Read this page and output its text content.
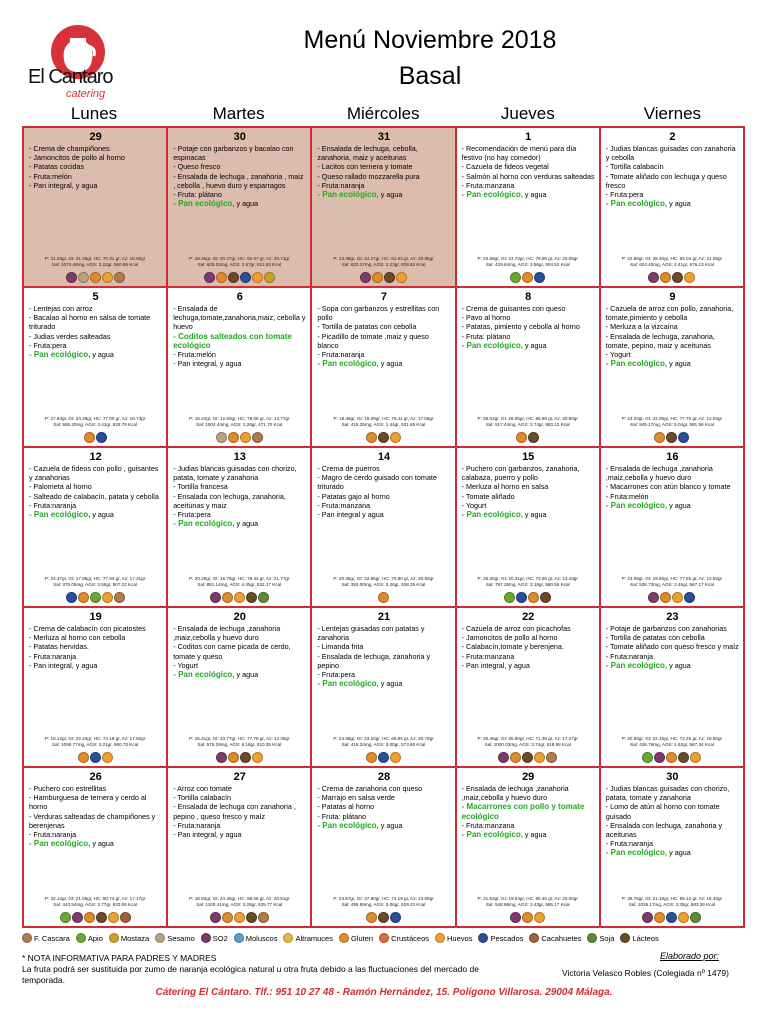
El Cantaro
catering
Menú Noviembre 2018
Basal
Lunes	Martes	Miércoles	Jueves	Viernes
29
- Crema de champiñones
- Jamoncitos de pollo al horno
- Patatas cocidas
- Fruta:melón
- Pan integral, y agua
P: 31.25gr, Gt: 21.46gr, HC: 70.31 gr, Az: 16.95gr
Sal: 1074.48mg, AGS: 3.22gr, 560.86 Kcal
30
- Potaje con garbanzos y bacalao con espinacas
- Queso fresco
- Ensalada de lechuga , zanahoria , maiz , cebolla , huevo duro y esparragos
- Fruta: plátano
- Pan ecológico, y agua
P: 26.45gr, Gt: 20.37gr, HC: 82.07 gr, Az: 30.71gr
Sal: 628.02mg, AGS: 2.67gr, 611.63 Kcal
31
- Ensalada de lechuga, cebolla, zanahoria, maiz y aceitunas
- Lacitos con ternera y tomate
- Queso rallado mozzarella pura
- Fruta:naranja
- Pan ecológico, y agua
P: 23.39gr, Gt: 24.27gr, HC: 81.63 gr, Az: 20.58gr
Sal: 833.27mg, AGS: 3.23gr, 628.62 Kcal
1
- Recomendación de menú para día festivo (no hay comedor)
- Cazuela de fideos vegetal
- Salmón al horno con verduras salteadas
- Fruta:manzana
- Pan ecológico, y agua
P: 23.68gr, Gt: 22.72gr, HC: 79.88 gr, Az: 20.05gr
Sal: 429.84mg, AGS: 3.56gr, 604.52 Kcal
2
- Judias blancas guisadas con zanahoria y cebolla
- Tortilla calabacín
- Tomate aliñado con lechuga y queso fresco
- Fruta:pera
- Pan ecológico, y agua
P: 22.66gr, Gt: 28.40gr, HC: 65.04 gr, Az: 21.08gr
Sal: 624.42mg, AGS: 4.41gr, 576.13 Kcal
5
- Lentejas con arroz
- Bacalao al horno en salsa de tomate triturado
- Judias verdes salteadas
- Fruta:pera
- Pan ecológico, y agua
P: 27.84gr, Gt: 24.29gr, HC: 77.00 gr, Az: 16.73gr
Sal: 565.20mg, AGS: 3.41gr, 628.79 Kcal
6
- Ensalada de lechuga,tomate,zanahoria,maiz, cebolla y huevo
- Coditos salteados con tomate ecológico
- Fruta:melón
- Pan integral, y agua
P: 15.24gr, Gt: 12.69gr, HC: 79.06 gr, Az: 13.77gr
Sal: 1004.44mg, AGS: 2.26gr, 471.70 Kcal
7
- Sopa con garbanzos y estrellitas con pollo
- Tortilla de patatas con cebolla
- Picadillo de tomate ,maiz y queso blanco
- Fruta:naranja
- Pan ecológico, y agua
P: 18.49gr, Gt: 18.09gr, HC: 75.11 gr, Az: 17.55gr
Sal: 415.25mg, AGS: 1.44gr, 531.85 Kcal
8
- Crema de guisantes con queso
- Pavo al horno
- Patatas, pimiento y cebolla al horno
- Fruta: plátano
- Pan ecológico, y agua
P: 28.02gr, Gt: 26.05gr, HC: 85.68 gr, Az: 30.90gr
Sal: 517.44mg, AGS: 3.74gr, 883.13 Kcal
9
- Cazuela de arroz con pollo, zanahoria, tomate,pimiento y cebolla
- Merluza a la vizcaína
- Ensalada de lechuga, zanahoria, tomate, pepino, maiz y aceitunas
- Yogurt
- Pan ecológico, y agua
P: 24.20gr, Gt: 22.05gr, HC: 77.70 gr, Az: 12.04gr
Sal: 849.17mg, AGS: 5.04gr, 591.58 Kcal
12
- Cazuela de fideos con pollo , guisantes y zanahorias
- Palometa al horno
- Salteado de calabacín, patata y cebolla
- Fruta:naranja
- Pan ecológico, y agua
P: 24.37gr, Gt: 17.85gr, HC: 77.93 gr, Az: 17.21gr
Sal: 375.05mg, AGS: 3.55gr, 807.22 Kcal
13
- Judias blancas guisadas con chorizo, patata, tomate y zanahoria
- Tortilla francesa
- Ensalada con lechuga, zanahoria, aceitunas y maiz
- Fruta:pera
- Pan ecológico, y agua
P: 20.28gr, Gt: 16.75gr, HC: 78.42 gr, Az: 21.77gr
Sal: 881.14mg, AGS: 4.45gr, 532.17 Kcal
14
- Crema de puerros
- Magro de cerdo guisado con tomate triturado
- Patatas gajo al horno
- Fruta:manzana
- Pan integral y agua
P: 20.35gr, Gt: 22.65gr, HC: 70.80 gr, Az: 20.93gr
Sal: 393.00mg, AGS: 3.26gr, 538.35 Kcal
15
- Puchero con garbanzos, zanahoria, calabaza, puerro y pollo
- Merluza al horno en salsa
- Tomate aliñado
- Yogurt
- Pan ecológico, y agua
P: 26.30gr, Gt: 20.31gr, HC: 73.65 gr, Az: 13.43gr
Sal: 797.26mg, AGS: 3.19gr, 580.56 Kcal
16
- Ensalada de lechuga ,zanahoria ,maiz,cebolla y huevo duro
- Macarrones con atún blanco y tomate
- Fruta:melón
- Pan ecológico, y agua
P: 23.06gr, Gt: 19.56gr, HC: 77.55 gr, Az: 13.82gr
Sal: 538.73mg, AGS: 3.46gr, 567.17 Kcal
19
- Crema de calabacín con picatostes
- Merluza al horno con cebolla
- Patatas hervidas.
- Fruta:naranja
- Pan integral, y agua
P: 18.12gr, Gt: 22.24gr, HC: 74.19 gr, Az: 17.82gr
Sal: 1095.77mg, AGS: 3.21gr, 560.70 Kcal
20
- Ensalada de lechuga ,zanahoria ,maiz,cebolla y huevo duro
- Coditos con carne picada de cerdo, tomate y queso
- Yogurt
- Pan ecológico, y agua
P: 25.41gr, Gt: 23.77gr, HC: 77.78 gr, Az: 12.35gr
Sal: 575.29mg, AGS: 6.18gr, 610.35 Kcal
21
- Lentejas guisadas con patatas y zanahoria
- Limanda frita
- Ensalada de lechuga, zanahoria y pepino
- Fruta:pera
- Pan ecológico, y agua
P: 24.58gr, Gt: 23.10gr, HC: 68.86 gr, Az: 20.79gr
Sal: 418.24mg, AGS: 3.00gr, 573.60 Kcal
22
- Cazuela de arroz con picachofas
- Jamoncitos de pollo al horno
- Calabacín,tomate y berenjena.
- Fruta:manzana
- Pan integral, y agua
P: 20.45gr, Gt: 25.80gr, HC: 71.38 gr, Az: 17.27gr
Sal: 1000.03mg, AGS: 3.74gr, 618.98 Kcal
23
- Potaje de garbanzos con zanahorias
- Tortilla de patatas con cebolla
- Tomate aliñado con queso fresco y maíz
- Fruta:naranja
- Pan ecológico, y agua
P: 20.93gr, Gt: 22.15gr, HC: 72.26 gr, Az: 18.60gr
Sal: 426.76mg, AGS: 1.62gr, 567.34 Kcal
26
- Puchero con estrellitas
- Hamburguesa de ternera y cerdo al horno
- Verduras salteadas de champiñones y berenjenas
- Fruta:naranja
- Pan ecológico, y agua
P: 32.14gr, Gt: 21.55gr, HC: 80.74 gr, Az: 17.17gr
Sal: 443.54mg, AGS: 3.77gr, 633.06 Kcal
27
- Arroz con tomate
- Tortilla calabacín
- Ensalada de lechuga con zanahoria , pepino , queso fresco y maíz
- Fruta:naranja
- Pan integral, y agua
P: 18.92gr, Gt: 24.36gr, HC: 88.06 gr, Az: 20.51gr
Sal: 1100.41mg, AGS: 3.28gr, 625.77 Kcal
28
- Crema de zanahoria con queso
- Marrajo en salsa verde
- Patatas al horno
- Fruta: plátano
- Pan ecológico, y agua
P: 23.57gr, Gt: 27.80gr, HC: 74.19 gr, Az: 23.69gr
Sal: 495.59mg, AGS: 3.06gr, 629.22 Kcal
29
- Ensalada de lechuga ,zanahoria ,maiz,cebolla y huevo duro
- Macarrones con pollo y tomate ecológico
- Fruta:manzana
- Pan ecológico, y agua
P: 21.62gr, Gt: 19.54gr, HC: 85.45 gr, Az: 20.00gr
Sal: 548.86mg, AGS: 3.43gr, 585.17 Kcal
30
- Judias blancas guisadas con chorizo, patata, tomate y zanahoria
- Lomo de atún al horno con tomate guisado
- Ensalada con lechuga, zanahoria y aceitunas
- Fruta:naranja
- Pan ecológico, y agua
P: 28.76gr, Gt: 21.18gr, HC: 85.12 gr, Az: 15.40gr
Sal: 1026.17mg, AGS: 3.35gr, 583.26 Kcal
F. Cascara Apio Mostaza Sesamo SO2 Moluscos Altramuces Gluten Crustáceos Huevos Pescados Cacahuetes Soja Lácteos
* NOTA INFORMATIVA PARA PADRES Y MADRES
La fruta podrá ser sustituida por zumo de naranja ecológica natural u otra fruta debido a las fluctuaciones del mercado de temporada.
Elaborado por:
Victoria Velasco Robles (Colegiada nº 1479)
Cátering El Cántaro. Tlf.: 951 10 27 48 - Ramón Hernández, 15. Polígono Villarosa. 29004 Málaga.
